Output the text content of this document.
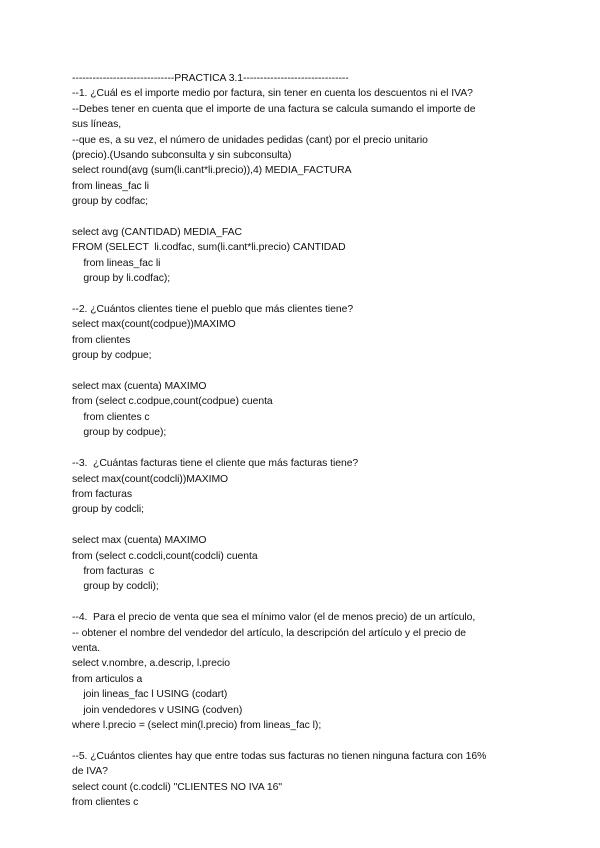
------------------------------PRACTICA 3.1-------------------------------
--1. ¿Cuál es el importe medio por factura, sin tener en cuenta los descuentos ni el IVA?
--Debes tener en cuenta que el importe de una factura se calcula sumando el importe de
sus líneas,
--que es, a su vez, el número de unidades pedidas (cant) por el precio unitario
(precio).(Usando subconsulta y sin subconsulta)
select round(avg (sum(li.cant*li.precio)),4) MEDIA_FACTURA
from lineas_fac li
group by codfac;
select avg (CANTIDAD) MEDIA_FAC
FROM (SELECT  li.codfac, sum(li.cant*li.precio) CANTIDAD
from lineas_fac li
group by li.codfac);
--2. ¿Cuántos clientes tiene el pueblo que más clientes tiene?
select max(count(codpue))MAXIMO
from clientes
group by codpue;
select max (cuenta) MAXIMO
from (select c.codpue,count(codpue) cuenta
from clientes c
group by codpue);
--3.  ¿Cuántas facturas tiene el cliente que más facturas tiene?
select max(count(codcli))MAXIMO
from facturas
group by codcli;
select max (cuenta) MAXIMO
from (select c.codcli,count(codcli) cuenta
from facturas  c
group by codcli);
--4.  Para el precio de venta que sea el mínimo valor (el de menos precio) de un artículo,
-- obtener el nombre del vendedor del artículo, la descripción del artículo y el precio de
venta.
select v.nombre, a.descrip, l.precio
from articulos a
join lineas_fac l USING (codart)
join vendedores v USING (codven)
where l.precio = (select min(l.precio) from lineas_fac l);
--5. ¿Cuántos clientes hay que entre todas sus facturas no tienen ninguna factura con 16%
de IVA?
select count (c.codcli) "CLIENTES NO IVA 16"
from clientes c
